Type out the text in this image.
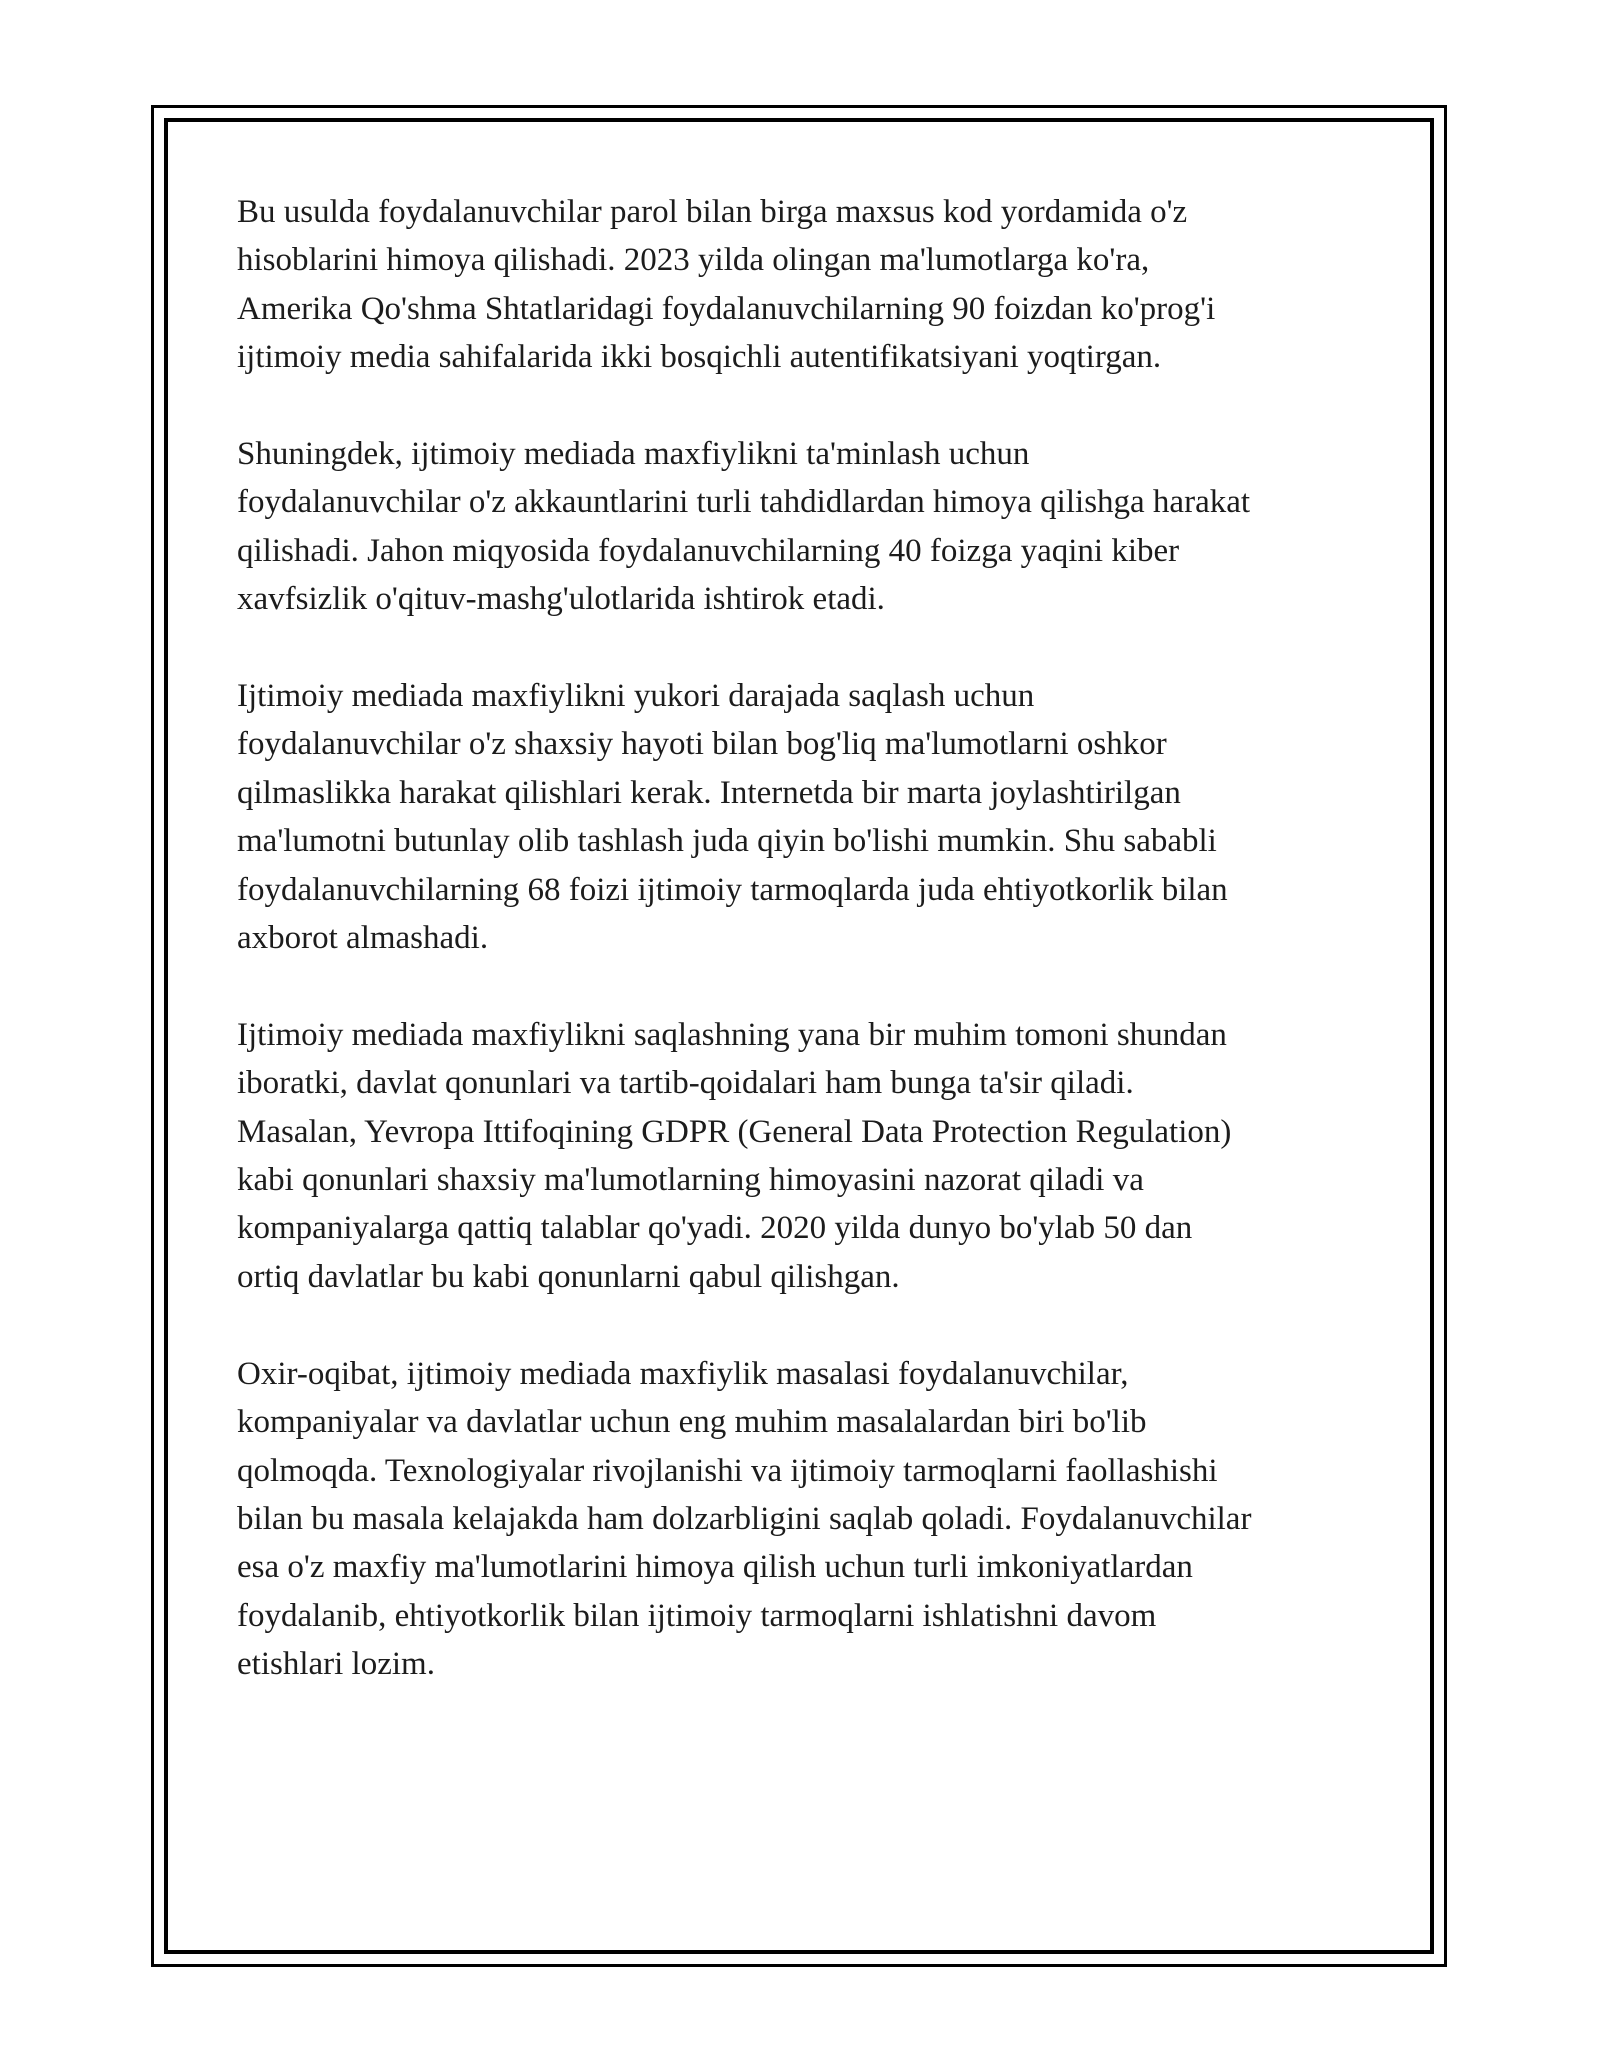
Bu usulda foydalanuvchilar parol bilan birga maxsus kod yordamida o'z
hisoblarini himoya qilishadi. 2023 yilda olingan ma'lumotlarga ko'ra,
Amerika Qo'shma Shtatlaridagi foydalanuvchilarning 90 foizdan ko'prog'i
ijtimoiy media sahifalarida ikki bosqichli autentifikatsiyani yoqtirgan.

Shuningdek, ijtimoiy mediada maxfiylikni ta'minlash uchun
foydalanuvchilar o'z akkauntlarini turli tahdidlardan himoya qilishga harakat
qilishadi. Jahon miqyosida foydalanuvchilarning 40 foizga yaqini kiber
xavfsizlik o'qituv-mashg'ulotlarida ishtirok etadi.

Ijtimoiy mediada maxfiylikni yukori darajada saqlash uchun
foydalanuvchilar o'z shaxsiy hayoti bilan bog'liq ma'lumotlarni oshkor
qilmaslikka harakat qilishlari kerak. Internetda bir marta joylashtirilgan
ma'lumotni butunlay olib tashlash juda qiyin bo'lishi mumkin. Shu sababli
foydalanuvchilarning 68 foizi ijtimoiy tarmoqlarda juda ehtiyotkorlik bilan
axborot almashadi.

Ijtimoiy mediada maxfiylikni saqlashning yana bir muhim tomoni shundan
iboratki, davlat qonunlari va tartib-qoidalari ham bunga ta'sir qiladi.
Masalan, Yevropa Ittifoqining GDPR (General Data Protection Regulation)
kabi qonunlari shaxsiy ma'lumotlarning himoyasini nazorat qiladi va
kompaniyalarga qattiq talablar qo'yadi. 2020 yilda dunyo bo'ylab 50 dan
ortiq davlatlar bu kabi qonunlarni qabul qilishgan.

Oxir-oqibat, ijtimoiy mediada maxfiylik masalasi foydalanuvchilar,
kompaniyalar va davlatlar uchun eng muhim masalalardan biri bo'lib
qolmoqda. Texnologiyalar rivojlanishi va ijtimoiy tarmoqlarni faollashishi
bilan bu masala kelajakda ham dolzarbligini saqlab qoladi. Foydalanuvchilar
esa o'z maxfiy ma'lumotlarini himoya qilish uchun turli imkoniyatlardan
foydalanib, ehtiyotkorlik bilan ijtimoiy tarmoqlarni ishlatishni davom
etishlari lozim.
